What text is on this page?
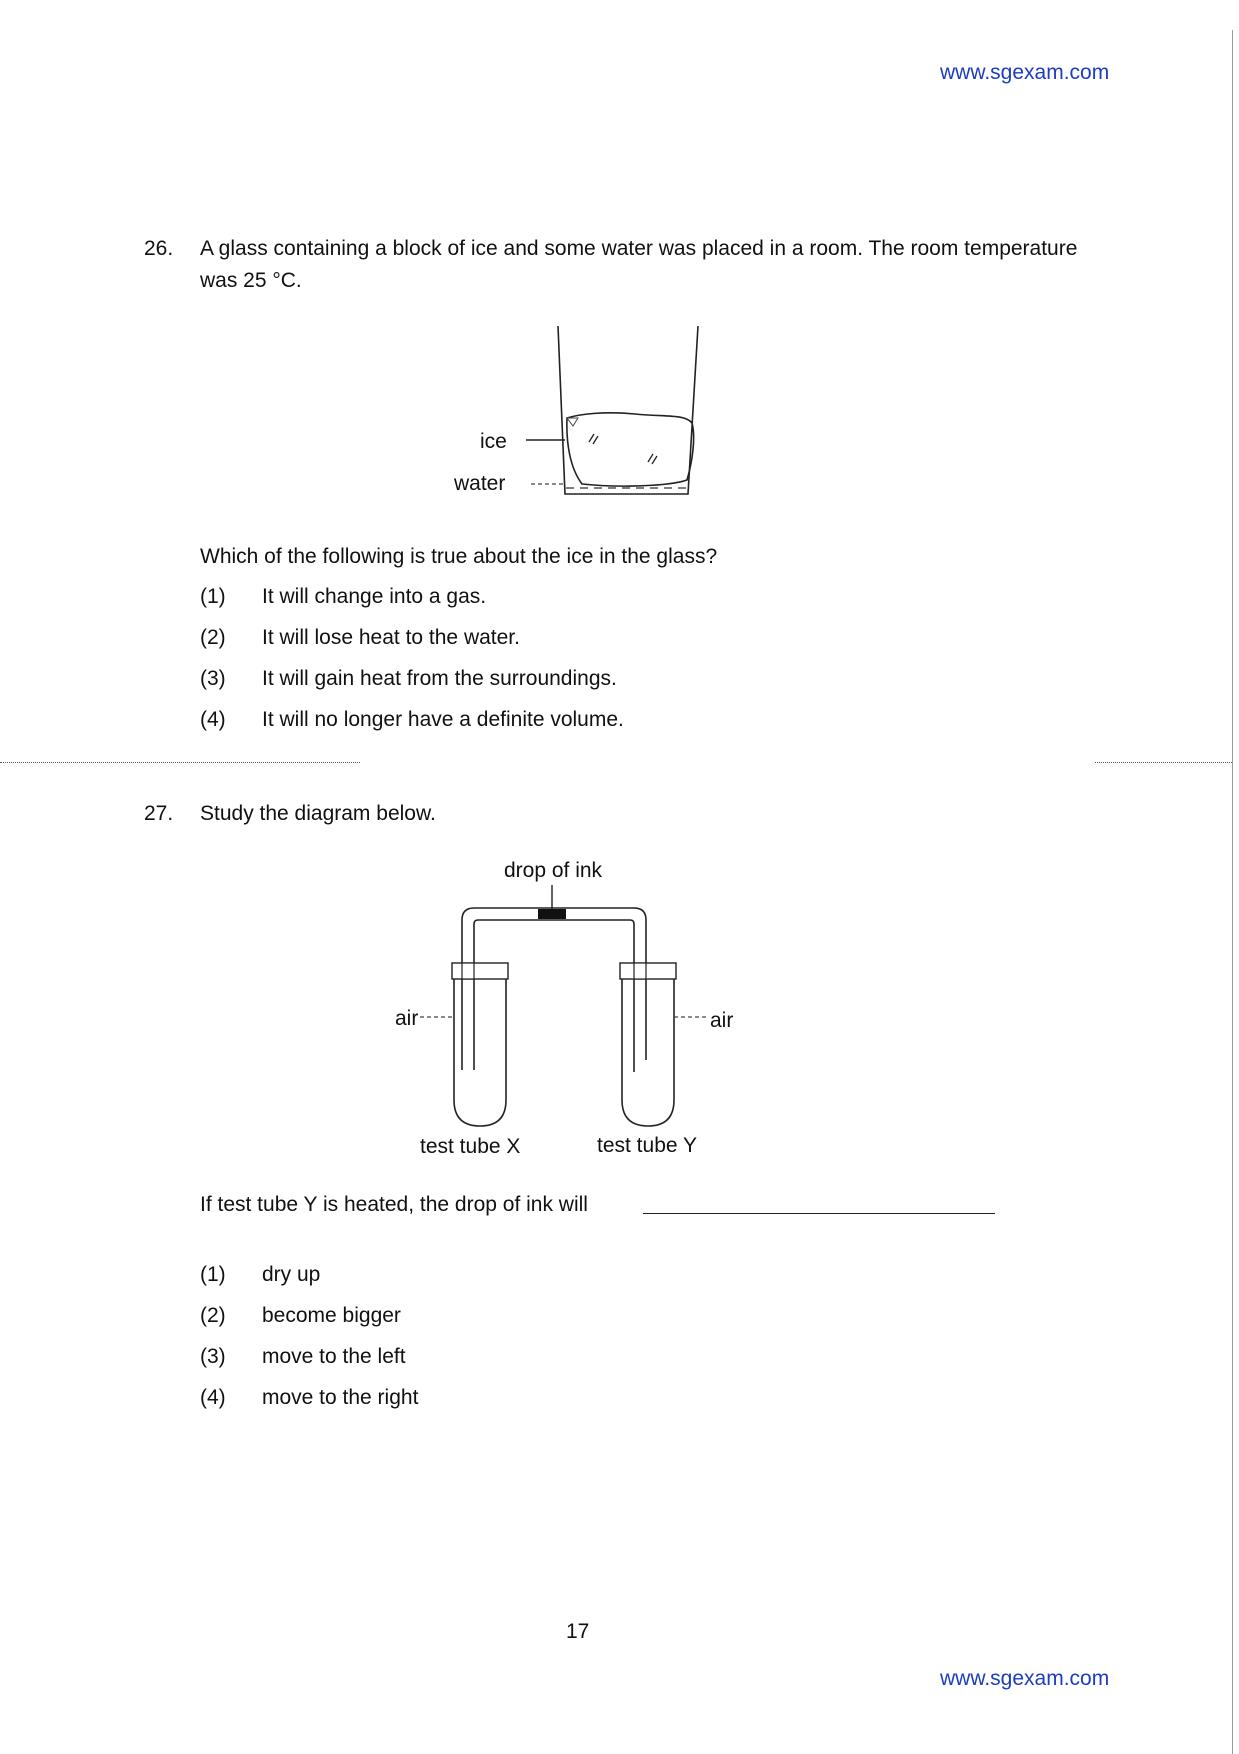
www.sgexam.com
26. A glass containing a block of ice and some water was placed in a room. The room temperature was 25 °C.
ice
water
Which of the following is true about the ice in the glass?
(1) It will change into a gas.
(2) It will lose heat to the water.
(3) It will gain heat from the surroundings.
(4) It will no longer have a definite volume.
27. Study the diagram below.
drop of ink
air	air
test tube X	test tube Y
If test tube Y is heated, the drop of ink will
(1) dry up
(2) become bigger
(3) move to the left
(4) move to the right
17
www.sgexam.com
